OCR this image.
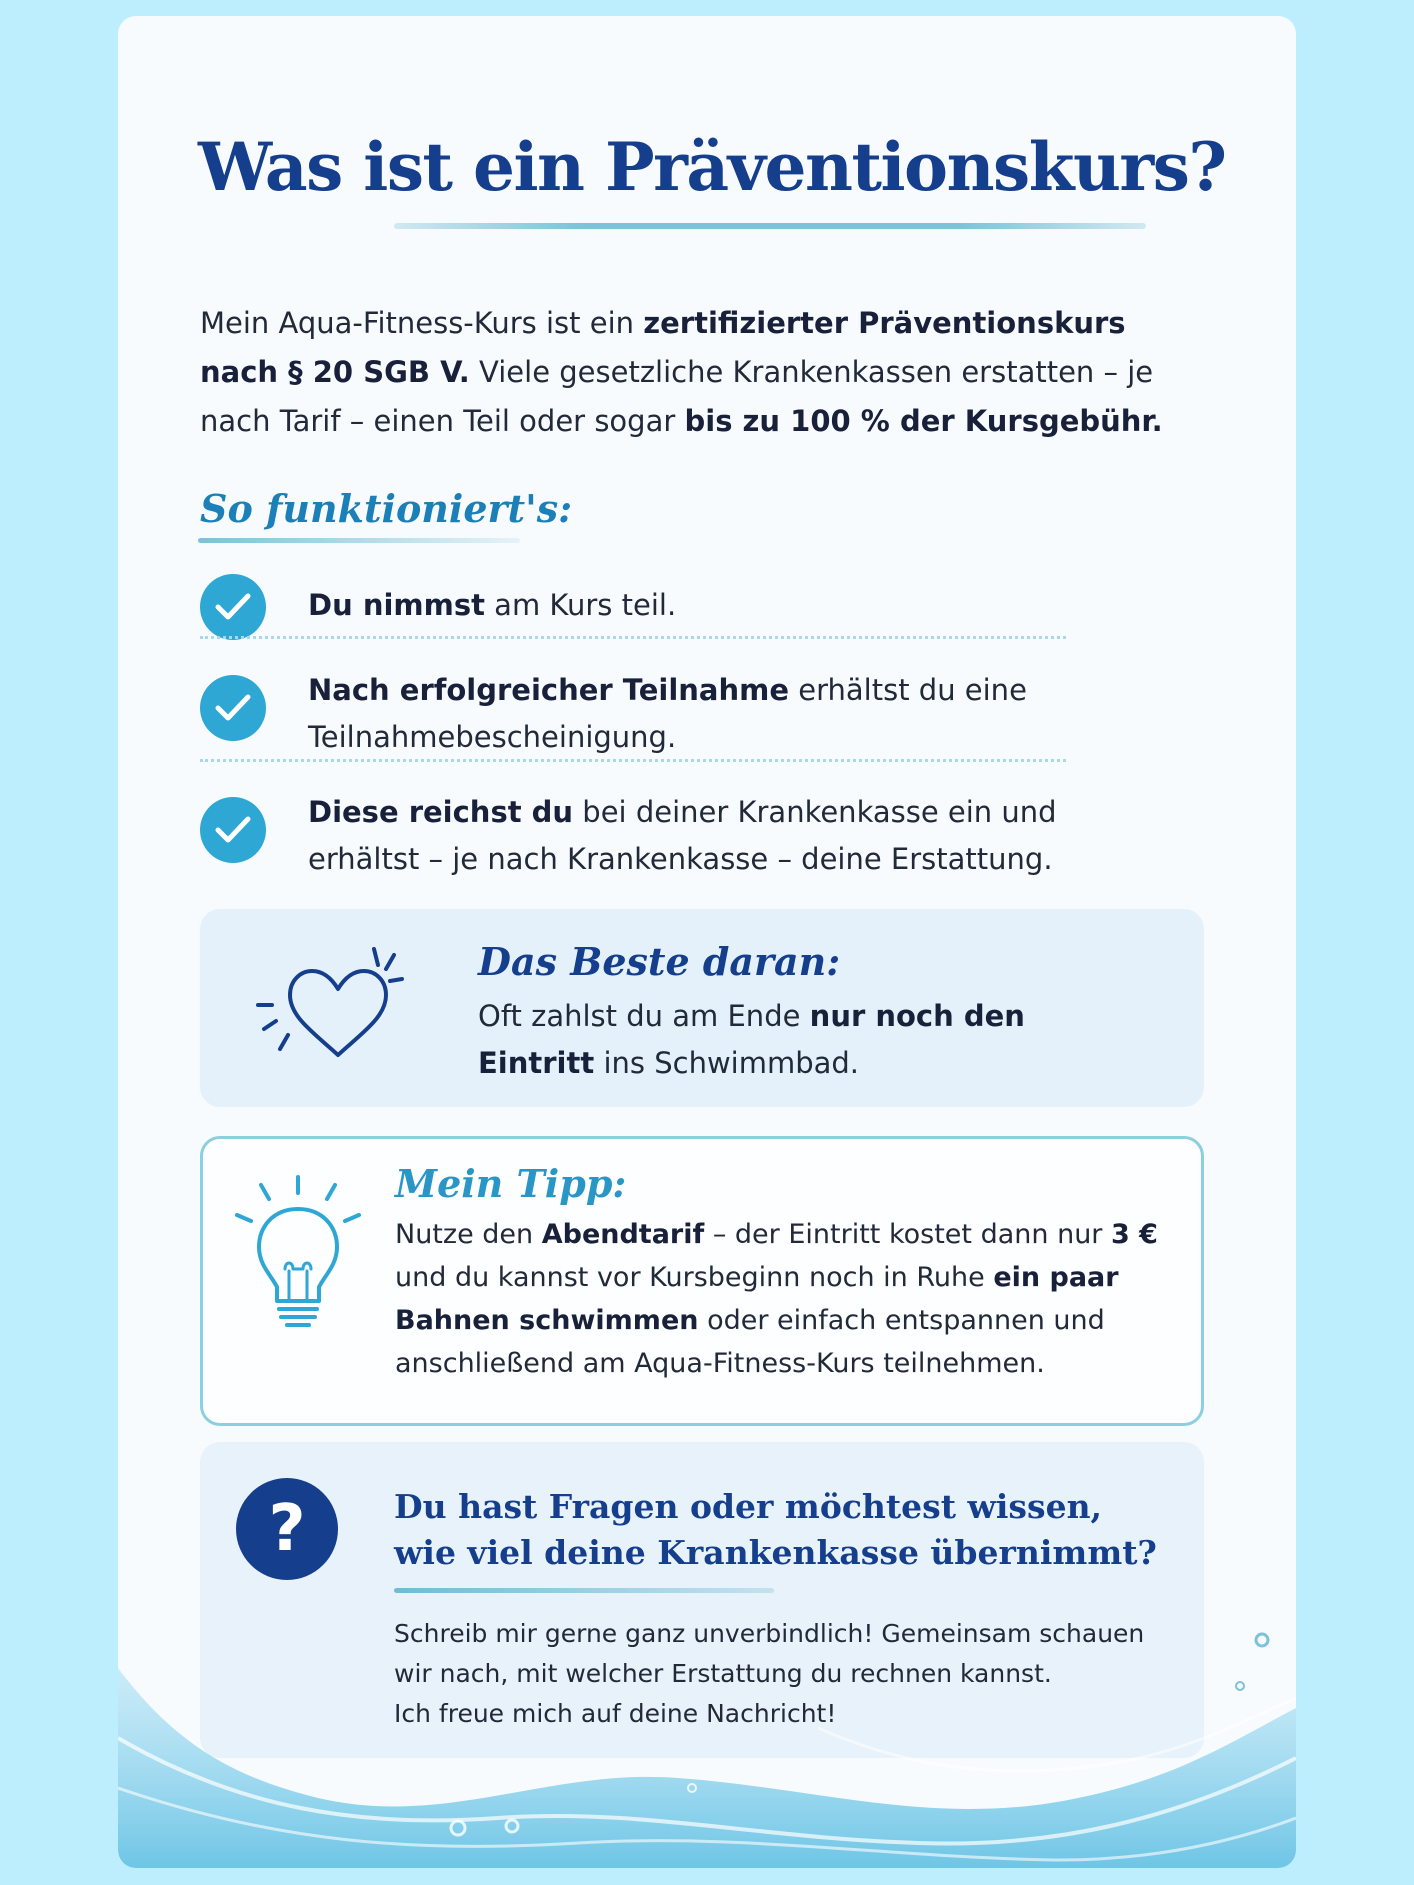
Was ist ein Präventionskurs?

Mein Aqua-Fitness-Kurs ist ein zertifizierter Präventionskurs nach § 20 SGB V. Viele gesetzliche Krankenkassen erstatten – je nach Tarif – einen Teil oder sogar bis zu 100 % der Kursgebühr.

So funktioniert's:

Du nimmst am Kurs teil.

Nach erfolgreicher Teilnahme erhältst du eine Teilnahmebescheinigung.

Diese reichst du bei deiner Krankenkasse ein und erhältst – je nach Krankenkasse – deine Erstattung.

Das Beste daran:

Oft zahlst du am Ende nur noch den Eintritt ins Schwimmbad.

Mein Tipp:

Nutze den Abendtarif – der Eintritt kostet dann nur 3 € und du kannst vor Kursbeginn noch in Ruhe ein paar Bahnen schwimmen oder einfach entspannen und anschließend am Aqua-Fitness-Kurs teilnehmen.

?	Du hast Fragen oder möchtest wissen,
wie viel deine Krankenkasse übernimmt?
Schreib mir gerne ganz unverbindlich! Gemeinsam schauen
wir nach, mit welcher Erstattung du rechnen kannst.
Ich freue mich auf deine Nachricht!
